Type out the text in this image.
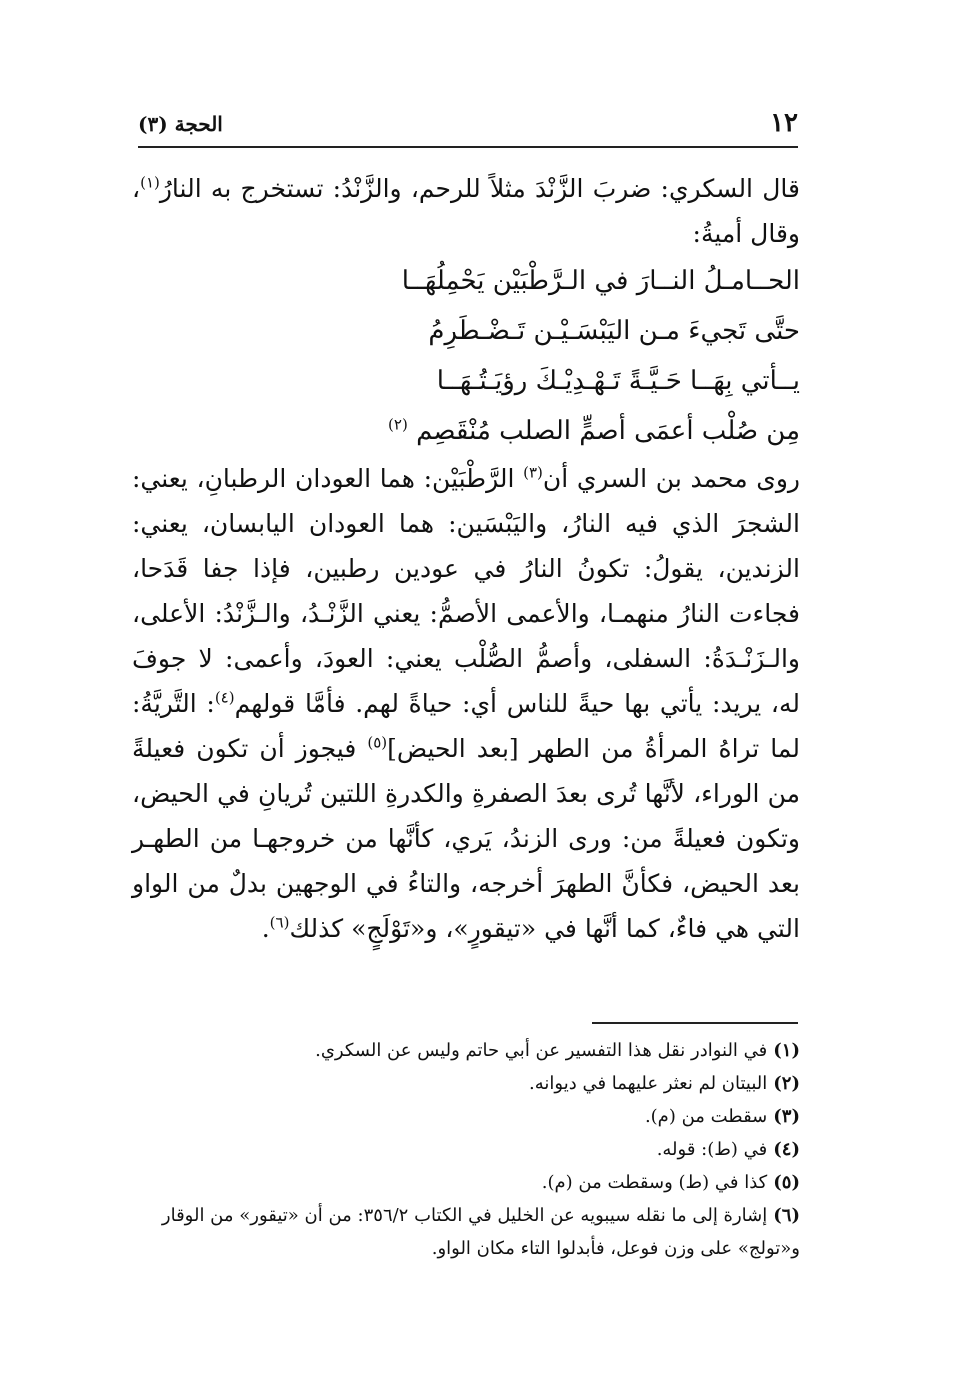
١٢
الحجة (٣)

قال السكري: ضربَ الزَّنْدَ مثلاً للرحم، والزَّنْدُ: تستخرج به النارُ$^{(١)}$، وقال أميةُ:

الحــامـلُ النــارَ في الـرَّطْبَيْن يَحْمِلُهَــا

حتَّى تَجيءَ مـن اليَبْسَـيْـن تَـضْـطَرِمُ

يــأتي بِهَــا حَـيَّـةً تَـهْـدِيْـكَ رؤيَـتُـهَــا

مِن صُلْب أعمَى أصمٍّ الصلب مُنْقَصِم $^{(٢)}$

روى محمد بن السري أن$^{(٣)}$ الرَّطْبَيْن: هما العودان الرطبانِ، يعني: الشجرَ الذي فيه النارُ، واليَبْسَين: هما العودان اليابسان، يعني: الزندين، يقولُ: تكونُ النارُ في عودين رطبين، فإذا جفا قَدَحا، فجاءت النارُ منهمـا، والأعمى الأصمُّ: يعني الزَّنْـدُ، والـزَّنْدُ: الأعلى، والـزَنْـدَةُ: السفلى، وأصمُّ الصُّلْب يعني: العودَ، وأعمى: لا جوفَ له، يريد: يأتي بها حيةً للناس أي: حياةً لهم. فأمَّا قولهم$^{(٤)}$: التَّريَّةُ: لما تراهُ المرأةُ من الطهر [بعد الحيض]$^{(٥)}$ فيجوز أن تكون فعيلةً من الوراء، لأنَّها تُرى بعدَ الصفرةِ والكدرةِ اللتين تُريانِ في الحيض، وتكون فعيلةً من: ورى الزندُ، يَري، كأنَّها من خروجهـا من الطهـر بعد الحيض، فكأنَّ الطهرَ أخرجه، والتاءُ في الوجهين بدلٌ من الواو التي هي فاءٌ، كما أنَّها في «تيقورٍ»، و«تَوْلَجٍ» كذلك$^{(٦)}$.

(١)في النوادر نقل هذا التفسير عن أبي حاتم وليس عن السكري.

(٢)البيتان لم نعثر عليهما في ديوانه.

(٣)سقطت من (م).

(٤)في (ط): قوله.

(٥)كذا في (ط) وسقطت من (م).

(٦)إشارة إلى ما نقله سيبويه عن الخليل في الكتاب ٣٥٦/٢: من أن «تيقور» من الوقار و«تولج» على وزن فوعل، فأبدلوا التاء مكان الواو.
